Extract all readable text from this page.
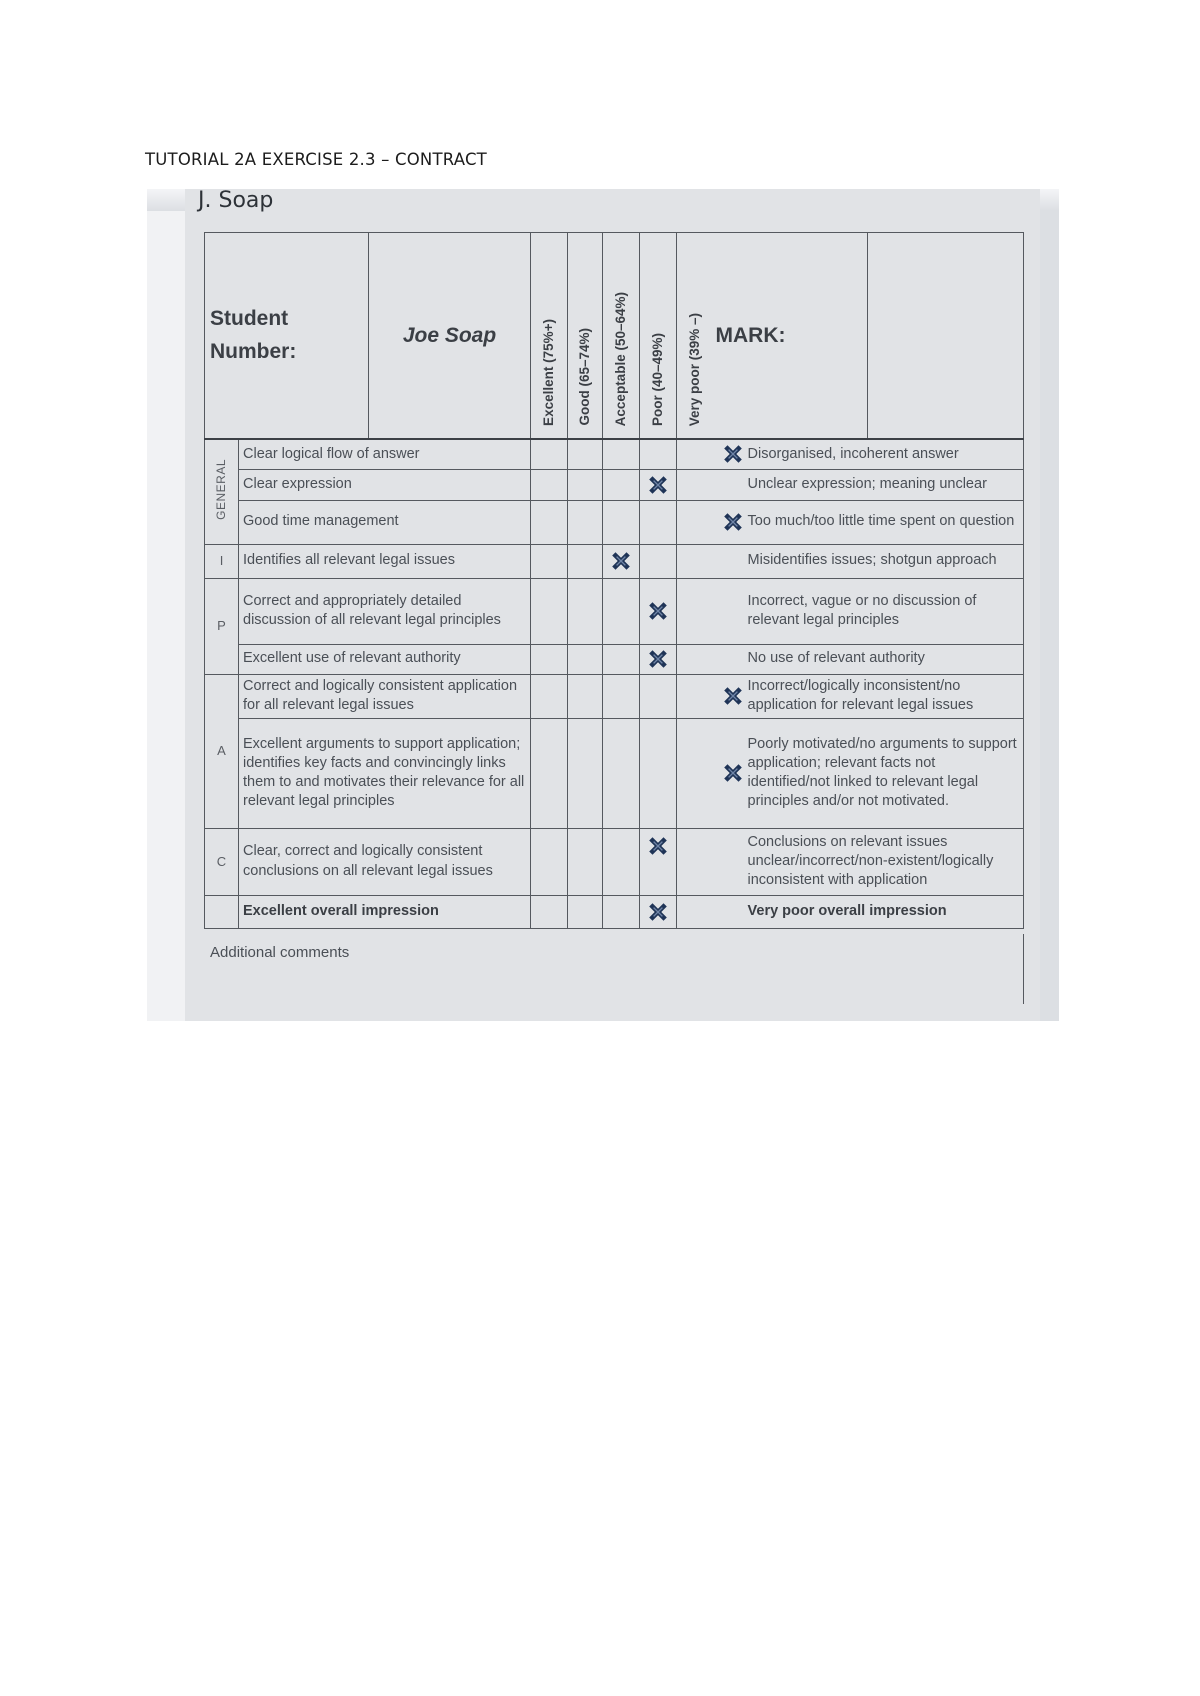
TUTORIAL 2A EXERCISE 2.3 – CONTRACT
J. Soap
Student Number:		Joe Soap	Excellent (75%+)	Good (65–74%)	Acceptable (50–64%)	Poor (40–49%)	Very poor (39% –)	MARK:	
GENERAL	Clear logical flow of answer							Disorganised, incoherent answer	

	Clear expression							Unclear expression; meaning unclear	

	Good time management							Too much/too little time spent on question	

I	Identifies all relevant legal issues							Misidentifies issues; shotgun approach	

P	Correct and appropriately detailed discussion of all relevant legal principles							Incorrect, vague or no discussion of relevant legal principles	

	Excellent use of relevant authority							No use of relevant authority	

A	Correct and logically consistent application for all relevant legal issues							Incorrect/logically inconsistent/no application for relevant legal issues	

	Excellent arguments to support application; identifies key facts and convincingly links them to and motivates their relevance for all relevant legal principles							Poorly motivated/no arguments to support application; relevant facts not identified/not linked to relevant legal principles and/or not motivated.	

C	Clear, correct and logically consistent conclusions on all relevant legal issues							Conclusions on relevant issues unclear/incorrect/non-existent/logically inconsistent with application	

	Excellent overall impression							Very poor overall impression	
Additional comments
